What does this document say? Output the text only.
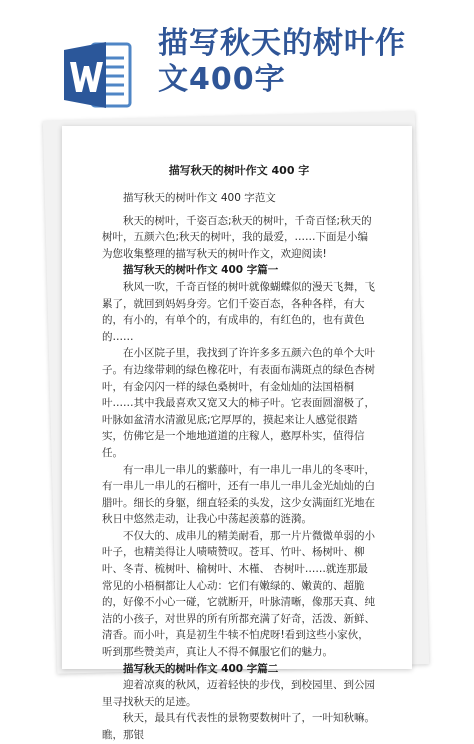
描写秋天的树叶作
文400字
描写秋天的树叶作文 400 字

描写秋天的树叶作文 400 字范文

秋天的树叶，千姿百态;秋天的树叶，千奇百怪;秋天的树叶，五颜六色;秋天的树叶，我的最爱，……下面是小编为您收集整理的描写秋天的树叶作文，欢迎阅读!

描写秋天的树叶作文 400 字篇一

秋风一吹，千奇百怪的树叶就像蝴蝶似的漫天飞舞，飞累了，就回到妈妈身旁。它们千姿百态，各种各样，有大的，有小的，有单个的，有成串的，有红色的，也有黄色的……

在小区院子里，我找到了许许多多五颜六色的单个大叶子。有边缘带刺的绿色橡花叶，有表面布满斑点的绿色杏树叶，有金闪闪一样的绿色桑树叶，有金灿灿的法国梧桐叶……其中我最喜欢又宽又大的柿子叶。它表面圆溜极了，叶脉如盆清水清澈见底;它厚厚的，摸起来让人感觉很踏实，仿佛它是一个地地道道的庄稼人，憨厚朴实，值得信任。

有一串儿一串儿的紫藤叶，有一串儿一串儿的冬枣叶，有一串儿一串儿的石榴叶，还有一串儿一串儿金光灿灿的白腊叶。细长的身躯，细直轻柔的头发，这少女满面红光地在秋日中悠然走动，让我心中荡起羡慕的涟漪。

不仅大的、成串儿的精美耐看，那一片片微微单弱的小叶子，也精美得让人啧啧赞叹。苍耳、竹叶、杨树叶、柳叶、冬青、梳树叶、榆树叶、木槿、 杏树叶……就连那最常见的小梧桐都让人心动：它们有嫩绿的、嫩黄的、超脆的，好像不小心一碰，它就断开，叶脉清晰，像那天真、纯洁的小孩子，对世界的所有所都充满了好奇，活泼、新鲜、清香。而小叶，真是初生牛犊不怕虎呀!看到这些小家伙，听到那些赞美声，真让人不得不佩服它们的魅力。

描写秋天的树叶作文 400 字篇二

迎着凉爽的秋风，迈着轻快的步伐，到校园里、到公园里寻找秋天的足迹。

秋天，最具有代表性的景物要数树叶了，一叶知秋嘛。瞧，那银
